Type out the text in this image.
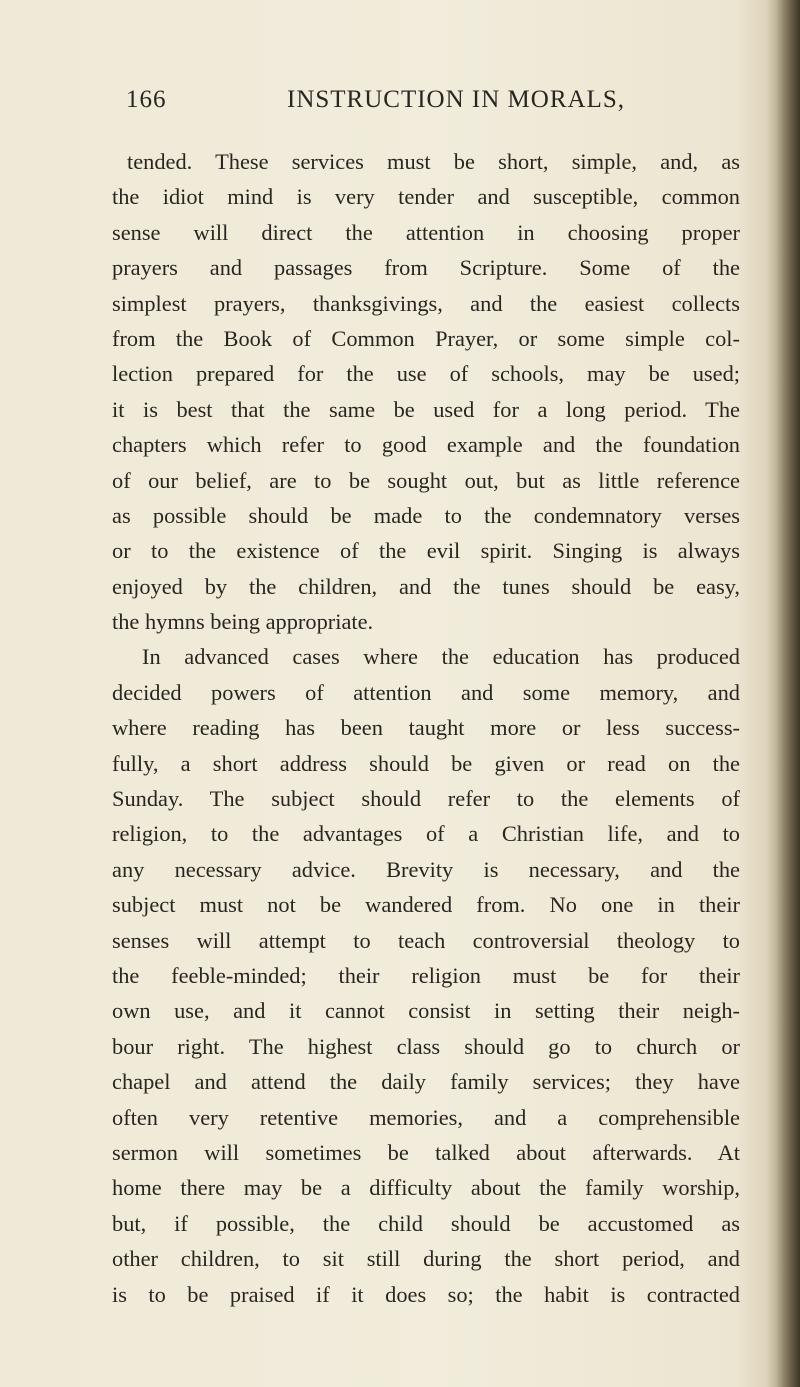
166	INSTRUCTION IN MORALS,
tended. These services must be short, simple, and, as
the idiot mind is very tender and susceptible, common
sense will direct the attention in choosing proper
prayers and passages from Scripture. Some of the
simplest prayers, thanksgivings, and the easiest collects
from the Book of Common Prayer, or some simple col-
lection prepared for the use of schools, may be used;
it is best that the same be used for a long period. The
chapters which refer to good example and the foundation
of our belief, are to be sought out, but as little reference
as possible should be made to the condemnatory verses
or to the existence of the evil spirit. Singing is always
enjoyed by the children, and the tunes should be easy,
the hymns being appropriate.
In advanced cases where the education has produced
decided powers of attention and some memory, and
where reading has been taught more or less success-
fully, a short address should be given or read on the
Sunday. The subject should refer to the elements of
religion, to the advantages of a Christian life, and to
any necessary advice. Brevity is necessary, and the
subject must not be wandered from. No one in their
senses will attempt to teach controversial theology to
the feeble-minded; their religion must be for their
own use, and it cannot consist in setting their neigh-
bour right. The highest class should go to church or
chapel and attend the daily family services; they have
often very retentive memories, and a comprehensible
sermon will sometimes be talked about afterwards. At
home there may be a difficulty about the family worship,
but, if possible, the child should be accustomed as
other children, to sit still during the short period, and
is to be praised if it does so; the habit is contracted
